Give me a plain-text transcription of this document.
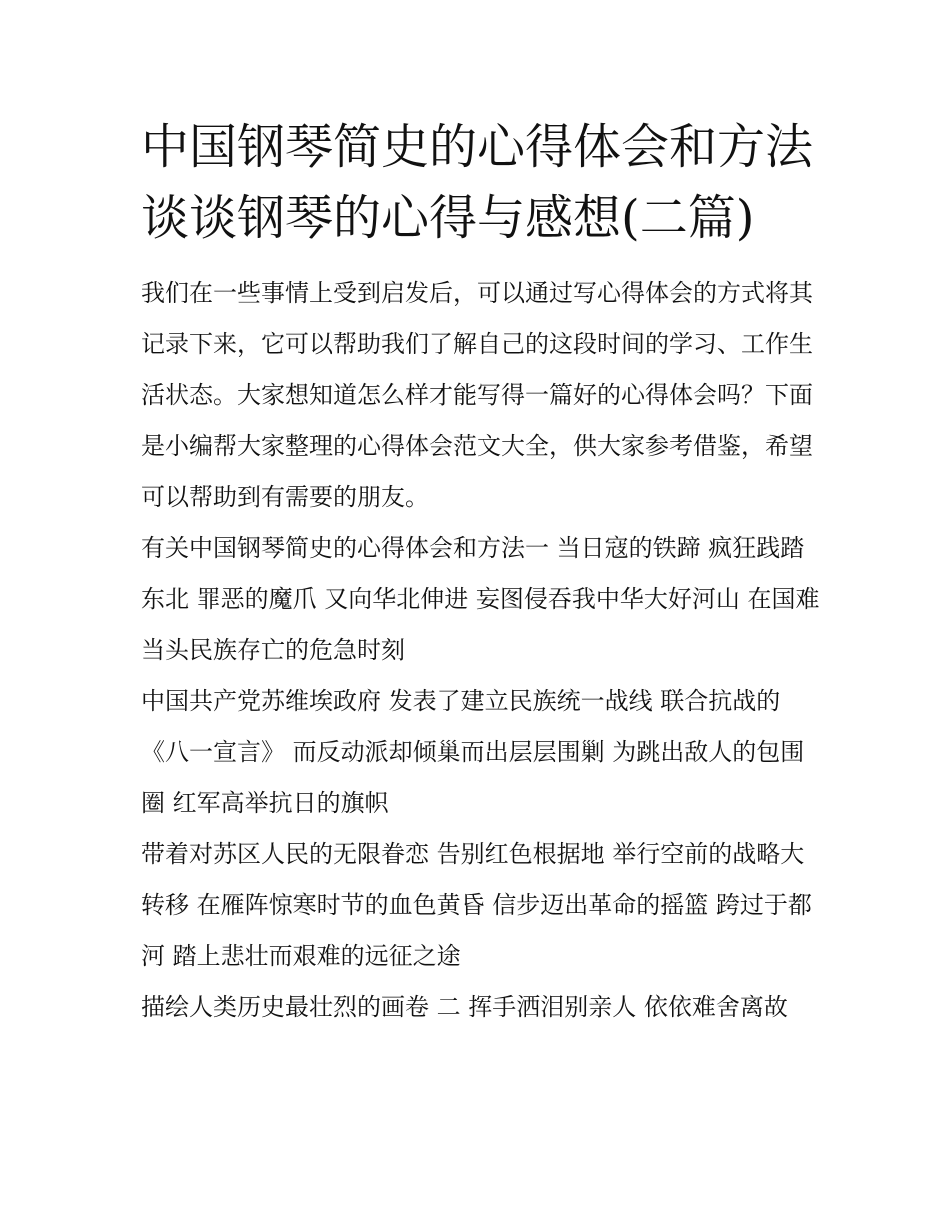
中国钢琴简史的心得体会和方法 谈谈钢琴的心得与感想(二篇)

我们在一些事情上受到启发后，可以通过写心得体会的方式将其记录下来，它可以帮助我们了解自己的这段时间的学习、工作生活状态。大家想知道怎么样才能写得一篇好的心得体会吗？下面是小编帮大家整理的心得体会范文大全，供大家参考借鉴，希望可以帮助到有需要的朋友。

有关中国钢琴简史的心得体会和方法一 当日寇的铁蹄 疯狂践踏东北 罪恶的魔爪 又向华北伸进 妄图侵吞我中华大好河山 在国难当头民族存亡的危急时刻

中国共产党苏维埃政府 发表了建立民族统一战线 联合抗战的《八一宣言》 而反动派却倾巢而出层层围剿 为跳出敌人的包围圈 红军高举抗日的旗帜

带着对苏区人民的无限眷恋 告别红色根据地 举行空前的战略大转移 在雁阵惊寒时节的血色黄昏 信步迈出革命的摇篮 跨过于都河 踏上悲壮而艰难的远征之途

描绘人类历史最壮烈的画卷 二 挥手洒泪别亲人 依依难舍离故
